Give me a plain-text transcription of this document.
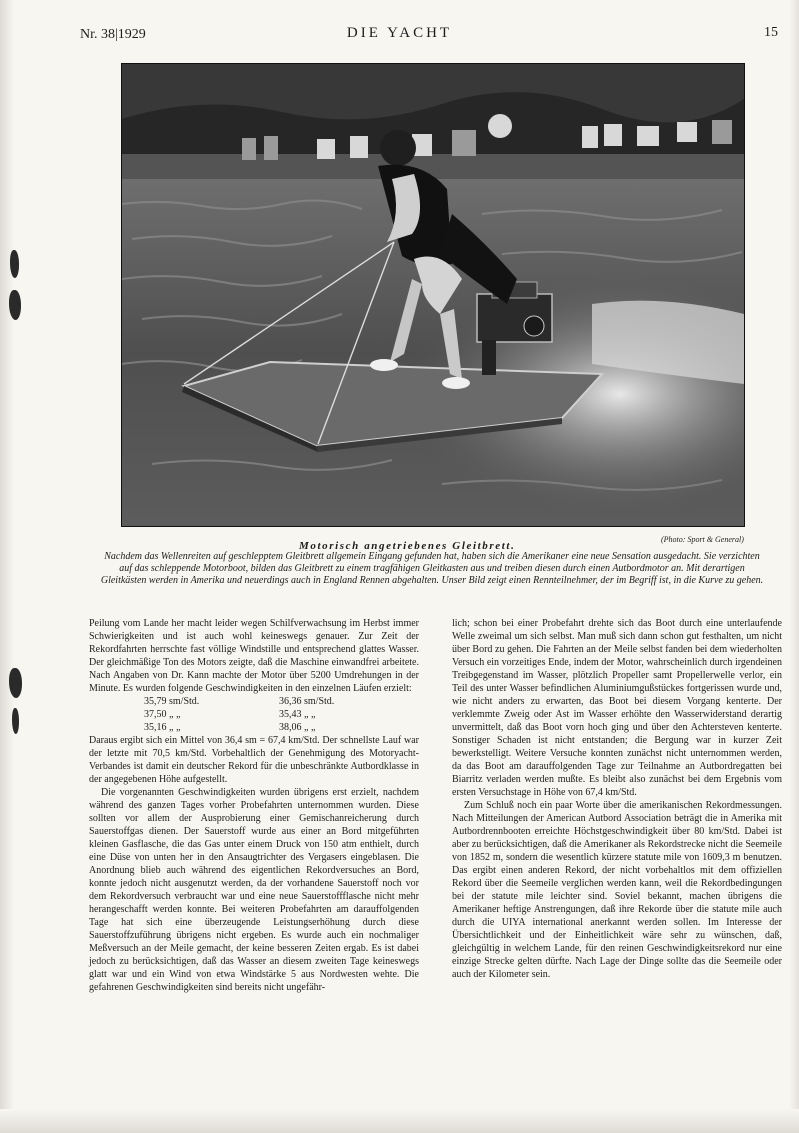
Nr. 38|1929	DIE YACHT	15
Motorisch angetriebenes Gleitbrett.
(Photo: Sport & General)
Nachdem das Wellenreiten auf geschlepptem Gleitbrett allgemein Eingang gefunden hat, haben sich die Amerikaner eine neue Sensation ausgedacht. Sie verzichten auf das schleppende Motorboot, bilden das Gleitbrett zu einem tragfähigen Gleitkasten aus und treiben diesen durch einen Autbordmotor an. Mit derartigen Gleitkästen werden in Amerika und neuerdings auch in England Rennen abgehalten. Unser Bild zeigt einen Rennteilnehmer, der im Begriff ist, in die Kurve zu gehen.

Peilung vom Lande her macht leider wegen Schilfverwachsung im Herbst immer Schwierigkeiten und ist auch wohl keineswegs genauer. Zur Zeit der Rekordfahrten herrschte fast völlige Windstille und entsprechend glattes Wasser. Der gleichmäßige Ton des Motors zeigte, daß die Maschine einwandfrei arbeitete. Nach Angaben von Dr. Kann machte der Motor über 5200 Umdrehungen in der Minute. Es wurden folgende Geschwindigkeiten in den einzelnen Läufen erzielt:

35,79 sm/Std.	36,36 sm/Std.
37,50 „ „	35,43 „ „
35,16 „ „	38,06 „ „

Daraus ergibt sich ein Mittel von 36,4 sm = 67,4 km/Std. Der schnellste Lauf war der letzte mit 70,5 km/Std. Vorbehaltlich der Genehmigung des Motoryacht-Verbandes ist damit ein deutscher Rekord für die unbeschränkte Autbordklasse in der angegebenen Höhe aufgestellt.

Die vorgenannten Geschwindigkeiten wurden übrigens erst erzielt, nachdem während des ganzen Tages vorher Probefahrten unternommen wurden. Diese sollten vor allem der Ausprobierung einer Gemischanreicherung durch Sauerstoffgas dienen. Der Sauerstoff wurde aus einer an Bord mitgeführten kleinen Gasflasche, die das Gas unter einem Druck von 150 atm enthielt, durch eine Düse von unten her in den Ansaugtrichter des Vergasers eingeblasen. Die Anordnung blieb auch während des eigentlichen Rekordversuches an Bord, konnte jedoch nicht ausgenutzt werden, da der vorhandene Sauerstoff noch vor dem Rekordversuch verbraucht war und eine neue Sauerstoffflasche nicht mehr herangeschafft werden konnte. Bei weiteren Probefahrten am darauffolgenden Tage hat sich eine überzeugende Leistungserhöhung durch diese Sauerstoffzuführung übrigens nicht ergeben. Es wurde auch ein nochmaliger Meßversuch an der Meile gemacht, der keine besseren Zeiten ergab. Es ist dabei jedoch zu berücksichtigen, daß das Wasser an diesem zweiten Tage keineswegs glatt war und ein Wind von etwa Windstärke 5 aus Nordwesten wehte. Die gefahrenen Geschwindigkeiten sind bereits nicht ungefähr-

lich; schon bei einer Probefahrt drehte sich das Boot durch eine unterlaufende Welle zweimal um sich selbst. Man muß sich dann schon gut festhalten, um nicht über Bord zu gehen. Die Fahrten an der Meile selbst fanden bei dem wiederholten Versuch ein vorzeitiges Ende, indem der Motor, wahrscheinlich durch irgendeinen Treibgegenstand im Wasser, plötzlich Propeller samt Propellerwelle verlor, ein Teil des unter Wasser befindlichen Aluminiumgußstückes fortgerissen wurde und, wie nicht anders zu erwarten, das Boot bei diesem Vorgang kenterte. Der verklemmte Zweig oder Ast im Wasser erhöhte den Wasserwiderstand derartig unvermittelt, daß das Boot vorn hoch ging und über den Achtersteven kenterte. Sonstiger Schaden ist nicht entstanden; die Bergung war in kurzer Zeit bewerkstelligt. Weitere Versuche konnten zunächst nicht unternommen werden, da das Boot am darauffolgenden Tage zur Teilnahme an Autbordregatten bei Biarritz verladen werden mußte. Es bleibt also zunächst bei dem Ergebnis vom ersten Versuchstage in Höhe von 67,4 km/Std.

Zum Schluß noch ein paar Worte über die amerikanischen Rekordmessungen. Nach Mitteilungen der American Autbord Association beträgt die in Amerika mit Autbordrennbooten erreichte Höchstgeschwindigkeit über 80 km/Std. Dabei ist aber zu berücksichtigen, daß die Amerikaner als Rekordstrecke nicht die Seemeile von 1852 m, sondern die wesentlich kürzere statute mile von 1609,3 m benutzen. Das ergibt einen anderen Rekord, der nicht vorbehaltlos mit dem offiziellen Rekord über die Seemeile verglichen werden kann, weil die Rekordbedingungen bei der statute mile leichter sind. Soviel bekannt, machen übrigens die Amerikaner heftige Anstrengungen, daß ihre Rekorde über die statute mile auch durch die UIYA international anerkannt werden sollen. Im Interesse der Übersichtlichkeit und der Einheitlichkeit wäre sehr zu wünschen, daß, gleichgültig in welchem Lande, für den reinen Geschwindigkeitsrekord nur eine einzige Strecke gelten dürfte. Nach Lage der Dinge sollte das die Seemeile oder auch der Kilometer sein.
